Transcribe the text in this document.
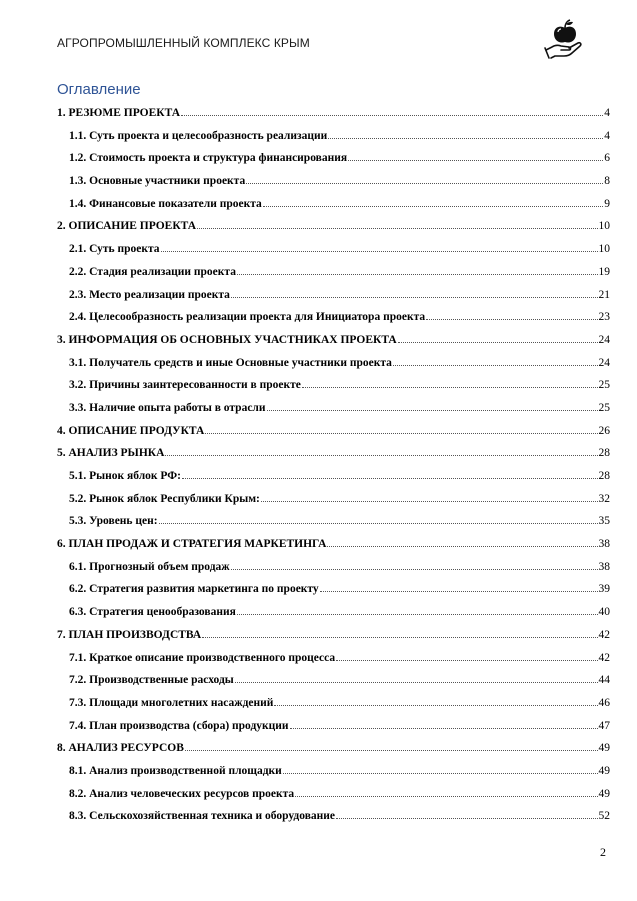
АГРОПРОМЫШЛЕННЫЙ КОМПЛЕКС КРЫМ
Оглавление
1. РЕЗЮМЕ ПРОЕКТА	4
1.1. Суть проекта и целесообразность реализации	4
1.2. Стоимость проекта и структура финансирования	6
1.3. Основные участники проекта	8
1.4. Финансовые показатели проекта	9
2. ОПИСАНИЕ ПРОЕКТА	10
2.1. Суть проекта	10
2.2. Стадия реализации проекта	19
2.3. Место реализации проекта	21
2.4. Целесообразность реализации проекта для Инициатора проекта	23
3. ИНФОРМАЦИЯ ОБ ОСНОВНЫХ УЧАСТНИКАХ ПРОЕКТА	24
3.1. Получатель средств и иные Основные участники проекта	24
3.2. Причины заинтересованности в проекте	25
3.3. Наличие опыта работы в отрасли	25
4. ОПИСАНИЕ ПРОДУКТА	26
5. АНАЛИЗ РЫНКА	28
5.1. Рынок яблок РФ:	28
5.2. Рынок яблок Республики Крым:	32
5.3. Уровень цен:	35
6. ПЛАН ПРОДАЖ И СТРАТЕГИЯ МАРКЕТИНГА	38
6.1. Прогнозный объем продаж	38
6.2. Стратегия развития маркетинга по проекту	39
6.3. Стратегия ценообразования	40
7. ПЛАН ПРОИЗВОДСТВА	42
7.1. Краткое описание производственного процесса	42
7.2. Производственные расходы	44
7.3. Площади многолетних насаждений	46
7.4. План производства (сбора) продукции	47
8. АНАЛИЗ РЕСУРСОВ	49
8.1. Анализ производственной площадки	49
8.2. Анализ человеческих ресурсов проекта	49
8.3. Сельскохозяйственная техника и оборудование	52
2
